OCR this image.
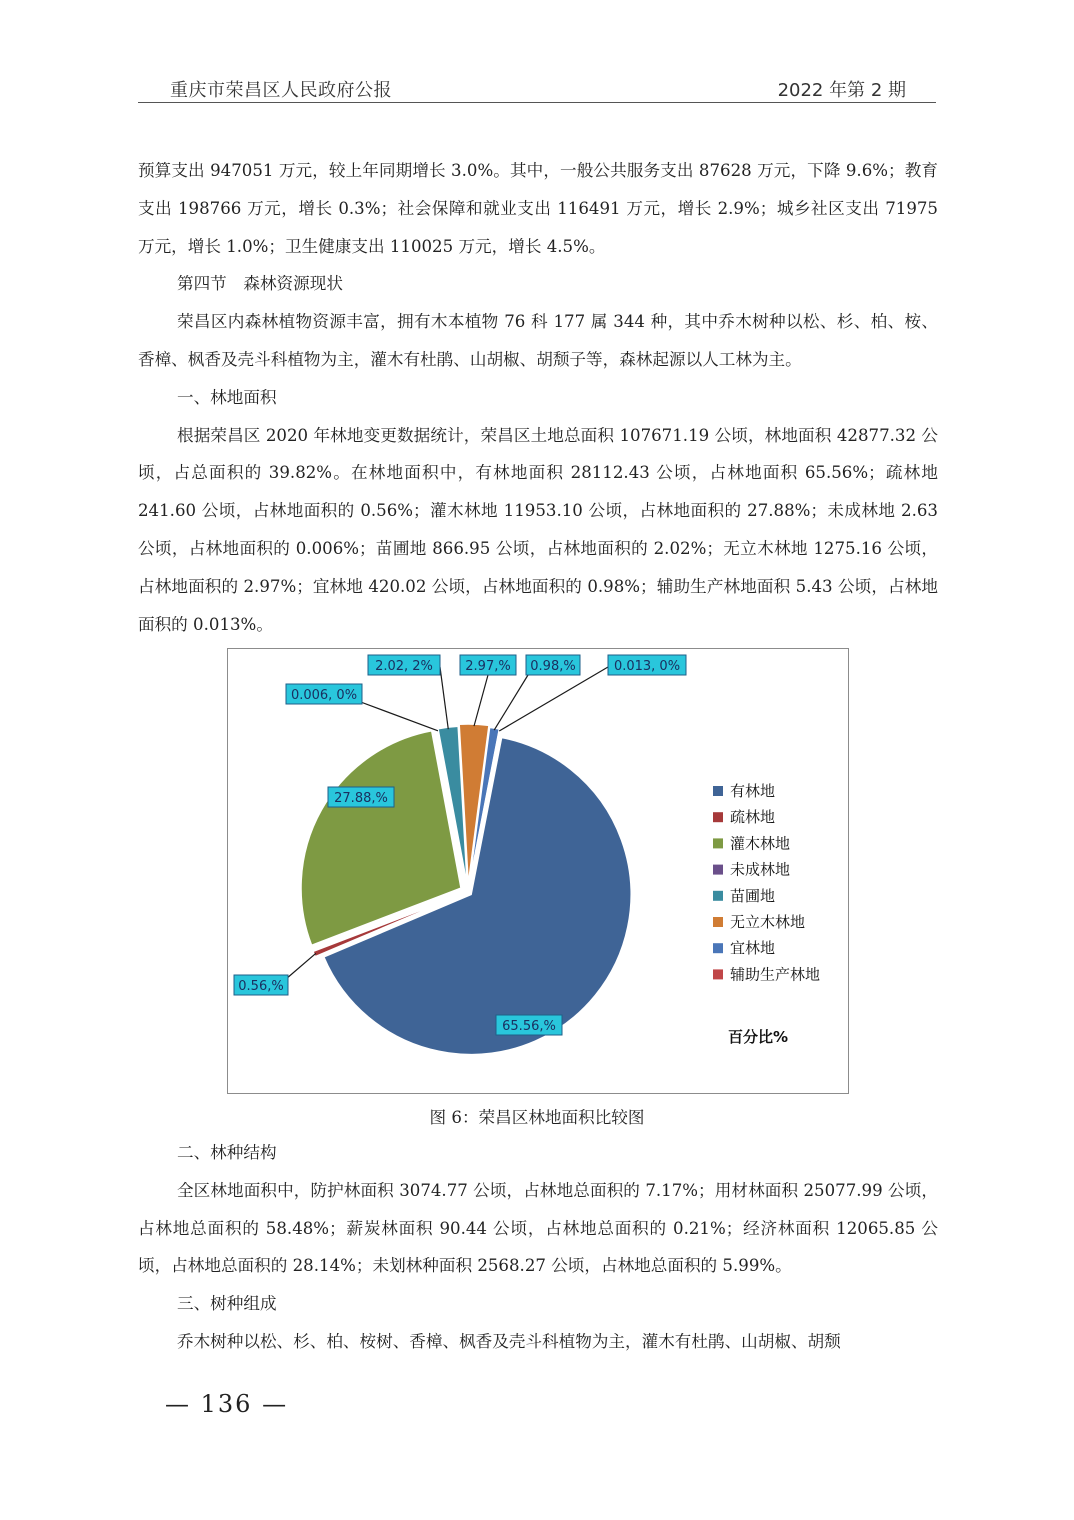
重庆市荣昌区人民政府公报	2022 年第 2 期

预算支出 947051 万元，较上年同期增长 3.0%。其中，一般公共服务支出 87628 万元，下降 9.6%；教育支出 198766 万元，增长 0.3%；社会保障和就业支出 116491 万元，增长 2.9%；城乡社区支出 71975 万元，增长 1.0%；卫生健康支出 110025 万元，增长 4.5%。

第四节　森林资源现状

荣昌区内森林植物资源丰富，拥有木本植物 76 科 177 属 344 种，其中乔木树种以松、杉、柏、桉、香樟、枫香及壳斗科植物为主，灌木有杜鹃、山胡椒、胡颓子等，森林起源以人工林为主。

一、林地面积

根据荣昌区 2020 年林地变更数据统计，荣昌区土地总面积 107671.19 公顷，林地面积 42877.32 公顷，占总面积的 39.82%。在林地面积中，有林地面积 28112.43 公顷，占林地面积 65.56%；疏林地 241.60 公顷，占林地面积的 0.56%；灌木林地 11953.10 公顷，占林地面积的 27.88%；未成林地 2.63 公顷，占林地面积的 0.006%；苗圃地 866.95 公顷，占林地面积的 2.02%；无立木林地 1275.16 公顷，占林地面积的 2.97%；宜林地 420.02 公顷，占林地面积的 0.98%；辅助生产林地面积 5.43 公顷，占林地面积的 0.013%。

65.56,%
0.56,%
27.88,%
0.006, 0%
2.02, 2% 2.97,% 0.98,%	0.013, 0%
有林地
疏林地
灌木林地
未成林地
苗圃地
无立木林地
宜林地
辅助生产林地
百分比%
图 6：荣昌区林地面积比较图

二、林种结构

全区林地面积中，防护林面积 3074.77 公顷，占林地总面积的 7.17%；用材林面积 25077.99 公顷，占林地总面积的 58.48%；薪炭林面积 90.44 公顷，占林地总面积的 0.21%；经济林面积 12065.85 公顷，占林地总面积的 28.14%；未划林种面积 2568.27 公顷，占林地总面积的 5.99%。

三、树种组成

乔木树种以松、杉、柏、桉树、香樟、枫香及壳斗科植物为主，灌木有杜鹃、山胡椒、胡颓

— 136 —
